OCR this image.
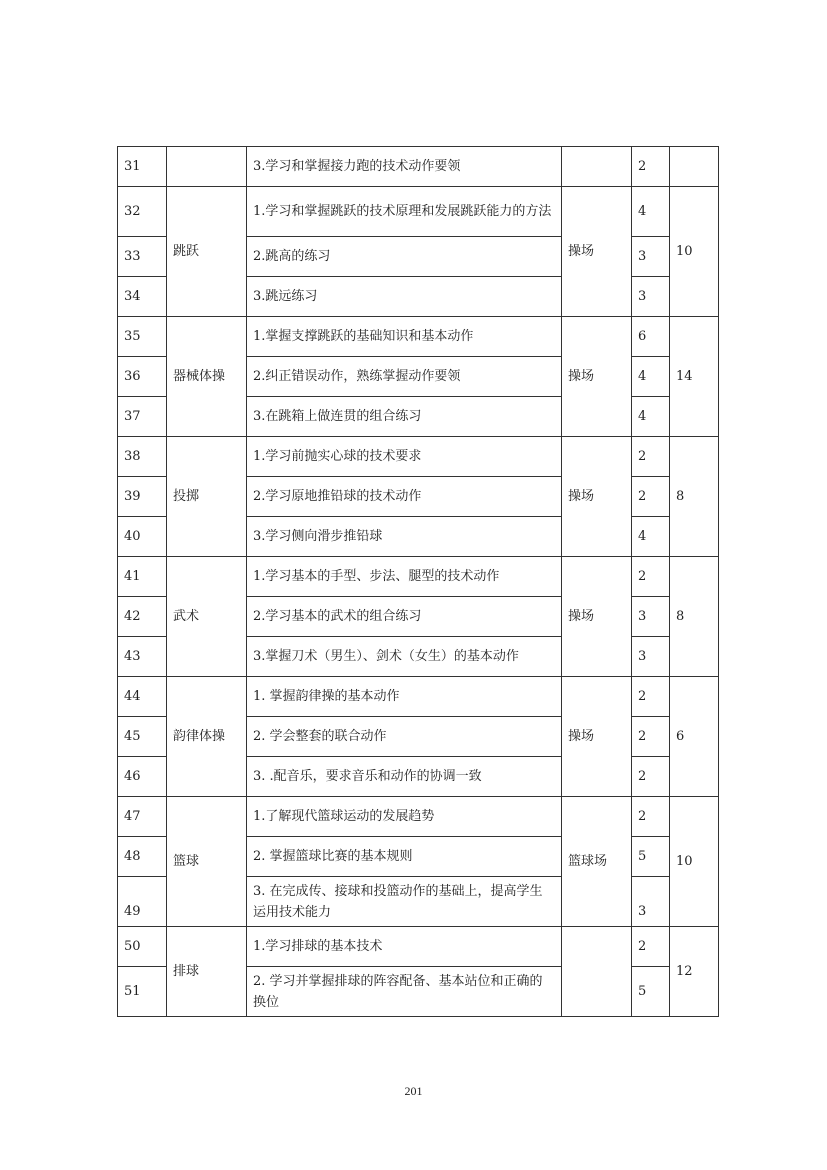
31		3.学习和掌握接力跑的技术动作要领		2	
32	跳跃	1.学习和掌握跳跃的技术原理和发展跳跃能力的方法	操场	4	10
33		2.跳高的练习		3	
34		3.跳远练习		3	
35	器械体操	1.掌握支撑跳跃的基础知识和基本动作	操场	6	14
36		2.纠正错误动作，熟练掌握动作要领		4	
37		3.在跳箱上做连贯的组合练习		4	
38	投掷	1.学习前抛实心球的技术要求	操场	2	8
39		2.学习原地推铅球的技术动作		2	
40		3.学习侧向滑步推铅球		4	
41	武术	1.学习基本的手型、步法、腿型的技术动作	操场	2	8
42		2.学习基本的武术的组合练习		3	
43		3.掌握刀术（男生）、剑术（女生）的基本动作		3	
44	韵律体操	1. 掌握韵律操的基本动作	操场	2	6
45		2. 学会整套的联合动作		2	
46		3. .配音乐，要求音乐和动作的协调一致		2	
47	篮球	1.了解现代篮球运动的发展趋势	篮球场	2	10
48		2. 掌握篮球比赛的基本规则		5	
49		3. 在完成传、接球和投篮动作的基础上，提高学生运用技术能力		3	
50	排球	1.学习排球的基本技术		2	12
51		2. 学习并掌握排球的阵容配备、基本站位和正确的换位		5	
201
